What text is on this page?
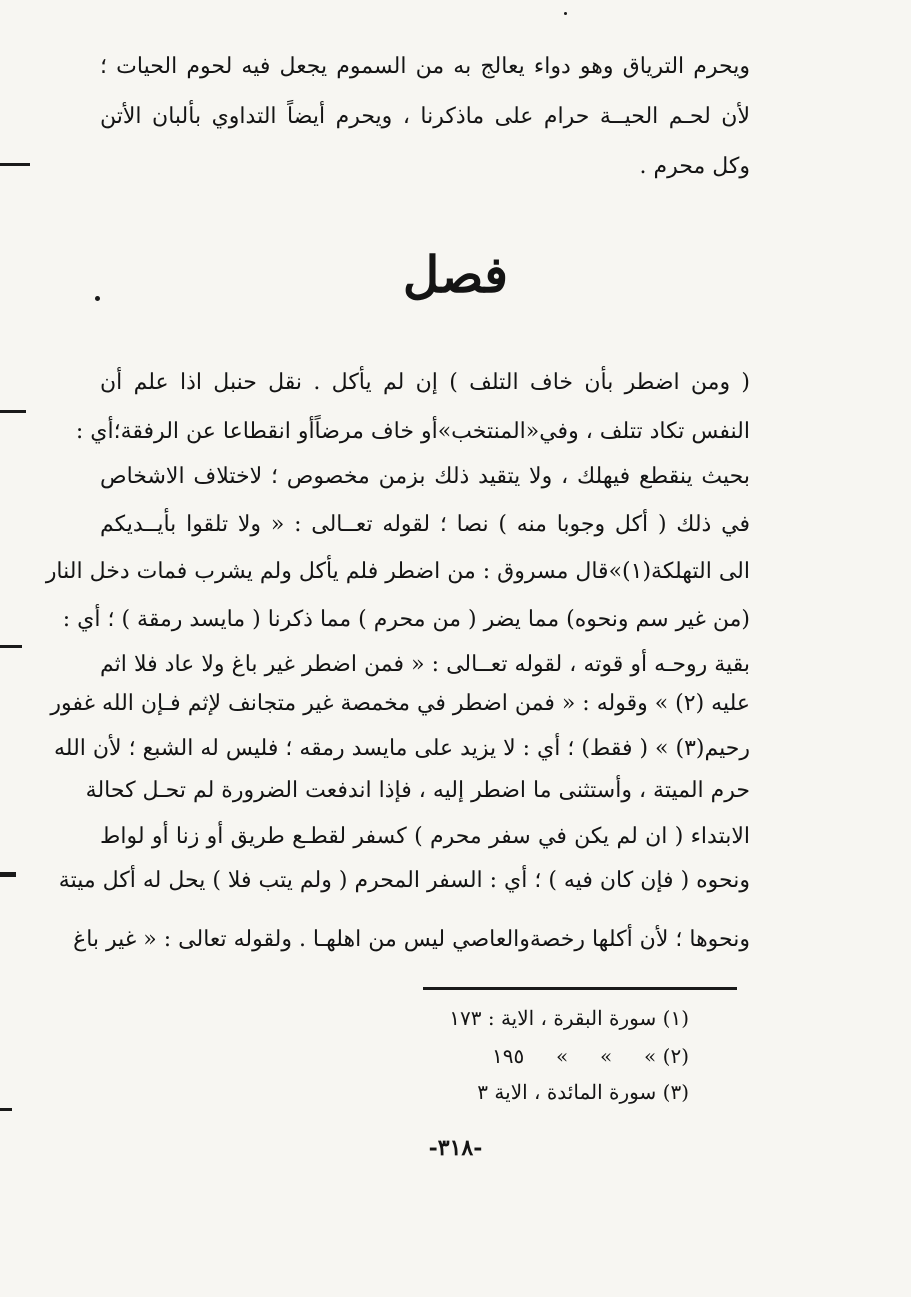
ويحرم الترياق وهو دواء يعالج به من السموم يجعل فيه لحوم الحيات ؛
لأن لحـم الحيــة حرام على ماذكرنا ، ويحرم أيضاً التداوي بألبان الأتن
وكل محرم .
فصل
( ومن اضطر بأن خاف التلف ) إن لم يأكل . نقل حنبل اذا علم أن
النفس تكاد تتلف ، وفي«المنتخب»أو خاف مرضاًأو انقطاعا عن الرفقة؛أي :
بحيث ينقطع فيهلك ، ولا يتقيد ذلك بزمن مخصوص ؛ لاختلاف الاشخاص
في ذلك ( أكل وجوبا منه ) نصا ؛ لقوله تعــالى : « ولا تلقوا بأيــديكم
الى التهلكة(١)»قال مسروق : من اضطر فلم يأكل ولم يشرب فمات دخل النار
(من غير سم ونحوه) مما يضر ( من محرم ) مما ذكرنا ( مايسد رمقة ) ؛ أي :
بقية روحـه أو قوته ، لقوله تعــالى : « فمن اضطر غير باغ ولا عاد فلا اثم
عليه (٢) » وقوله : « فمن اضطر في مخمصة غير متجانف لإثم فـإن الله غفور
رحيم(٣) » ( فقط) ؛ أي : لا يزيد على مايسد رمقه ؛ فليس له الشبع ؛ لأن الله
حرم الميتة ، وأستثنى ما اضطر إليه ، فإذا اندفعت الضرورة لم تحـل كحالة
الابتداء ( ان لم يكن في سفر محرم ) كسفر لقطـع طريق أو زنا أو لواط
ونحوه ( فإن كان فيه ) ؛ أي : السفر المحرم ( ولم يتب فلا ) يحل له أكل ميتة
ونحوها ؛ لأن أكلها رخصةوالعاصي ليس من اهلهـا . ولقوله تعالى : « غير باغ
(١) سورة البقرة ، الاية : ١٧٣
(٢) »     »     »     ١٩٥
(٣) سورة المائدة ، الاية ٣
-٣١٨-
